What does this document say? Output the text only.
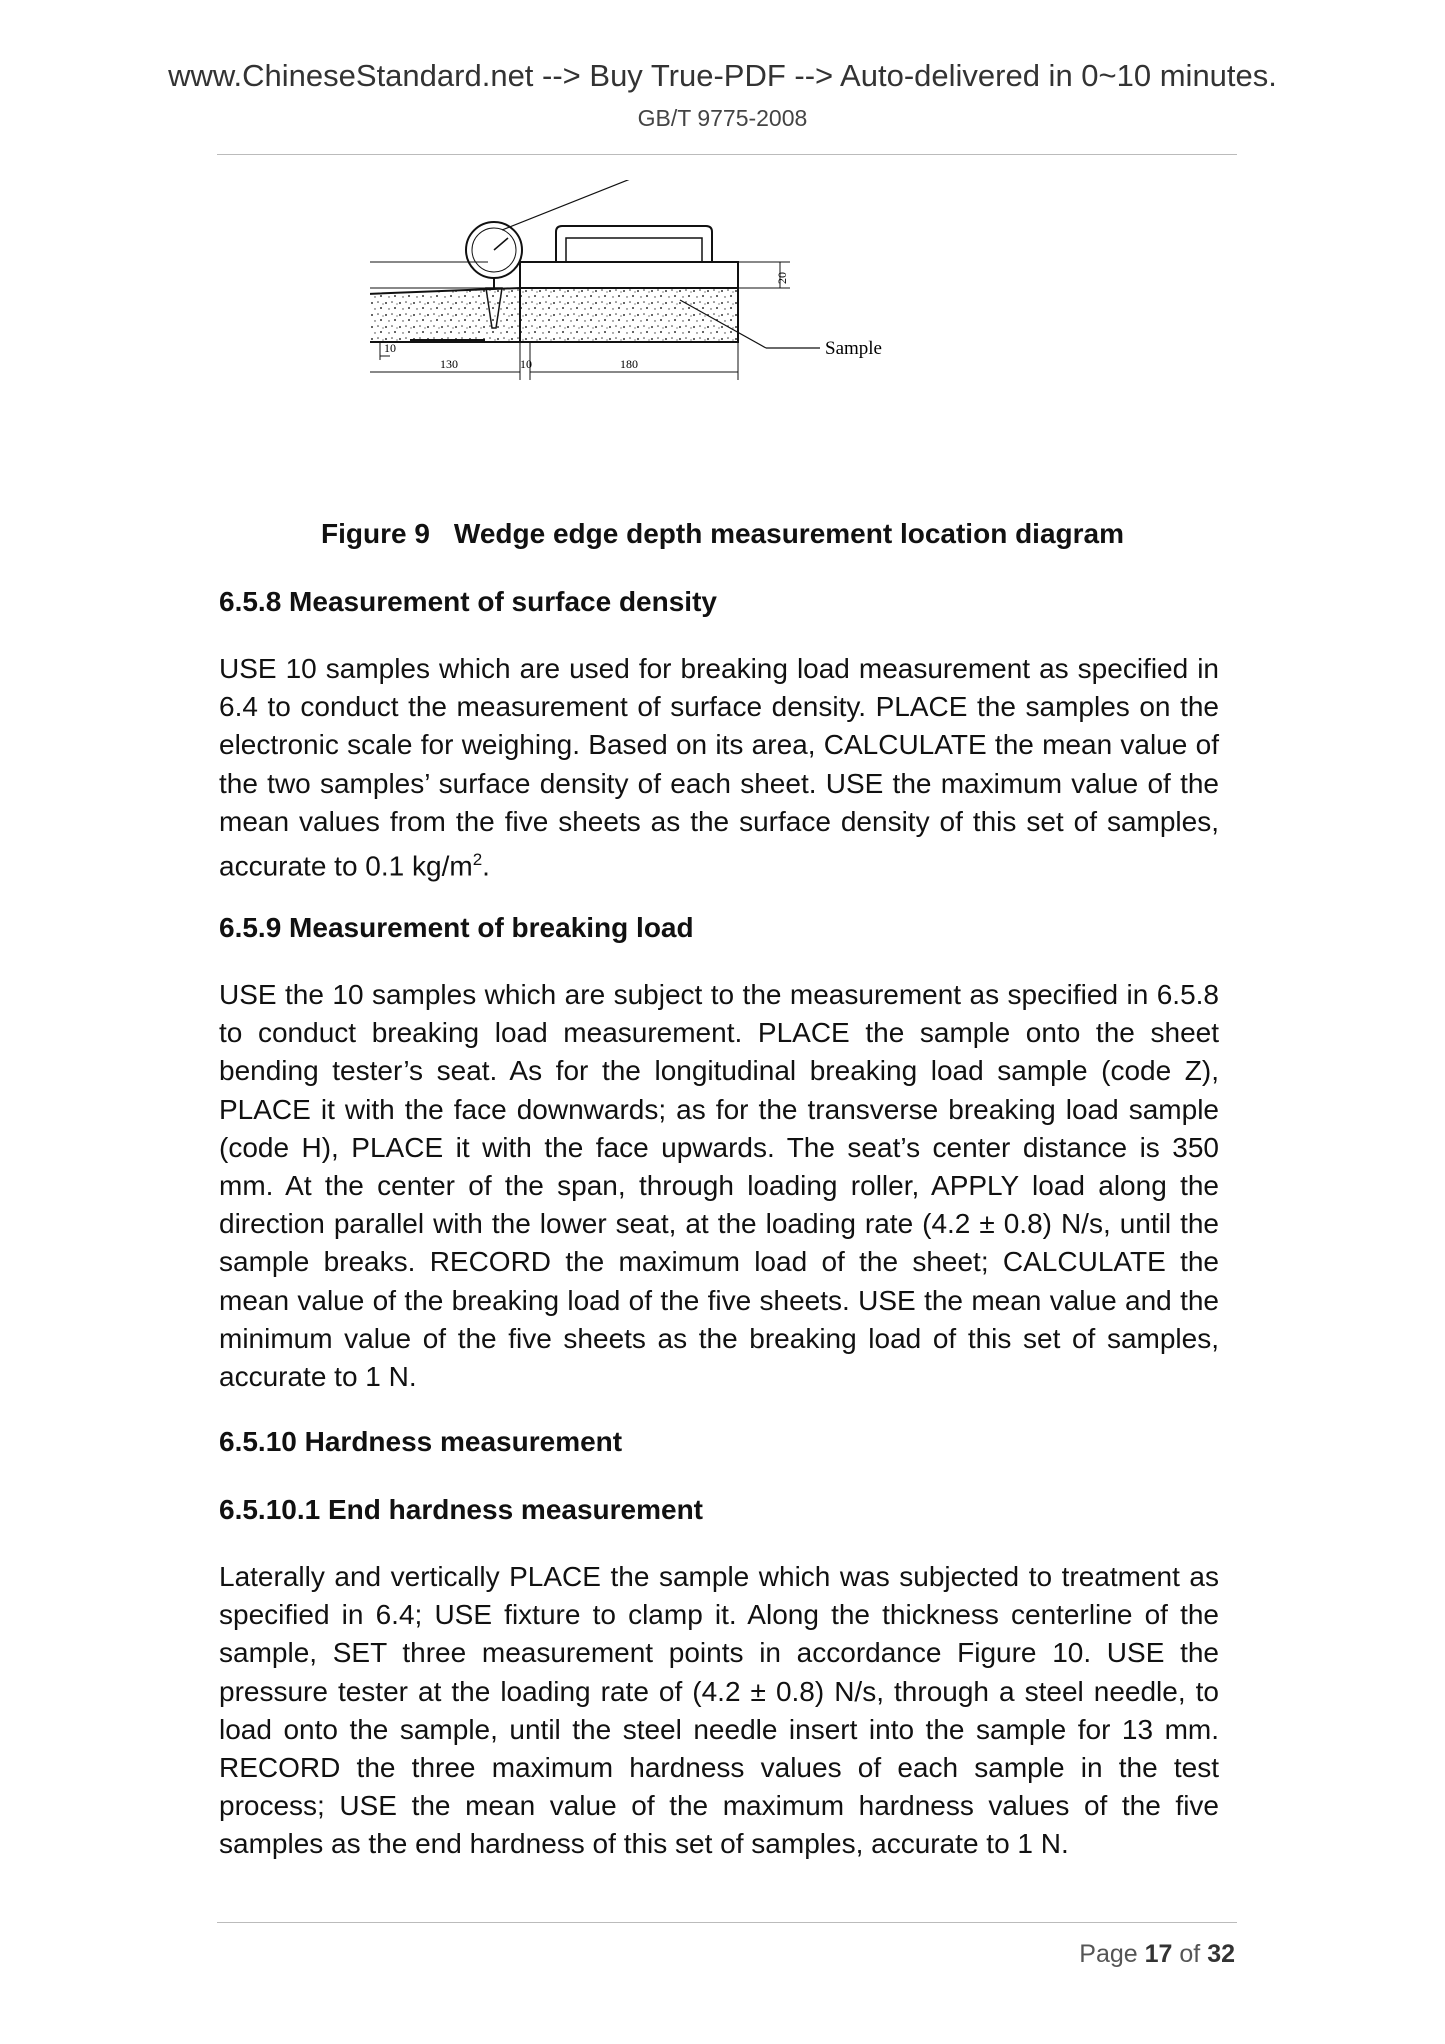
www.ChineseStandard.net --> Buy True-PDF --> Auto-delivered in 0~10 minutes.
GB/T 9775-2008
Sample
20
10
130	10	180
Figure 9 Wedge edge depth measurement location diagram
6.5.8 Measurement of surface density
USE 10 samples which are used for breaking load measurement as specified in 6.4 to conduct the measurement of surface density. PLACE the samples on the electronic scale for weighing. Based on its area, CALCULATE the mean value of the two samples’ surface density of each sheet. USE the maximum value of the mean values from the five sheets as the surface density of this set of samples, accurate to 0.1 $kg/m^2$.
6.5.9 Measurement of breaking load
USE the 10 samples which are subject to the measurement as specified in 6.5.8 to conduct breaking load measurement. PLACE the sample onto the sheet bending tester’s seat. As for the longitudinal breaking load sample (code Z), PLACE it with the face downwards; as for the transverse breaking load sample (code H), PLACE it with the face upwards. The seat’s center distance is 350 mm. At the center of the span, through loading roller, APPLY load along the direction parallel with the lower seat, at the loading rate (4.2 ± 0.8) N/s, until the sample breaks. RECORD the maximum load of the sheet; CALCULATE the mean value of the breaking load of the five sheets. USE the mean value and the minimum value of the five sheets as the breaking load of this set of samples, accurate to 1 N.
6.5.10 Hardness measurement
6.5.10.1 End hardness measurement
Laterally and vertically PLACE the sample which was subjected to treatment as specified in 6.4; USE fixture to clamp it. Along the thickness centerline of the sample, SET three measurement points in accordance Figure 10. USE the pressure tester at the loading rate of (4.2 ± 0.8) N/s, through a steel needle, to load onto the sample, until the steel needle insert into the sample for 13 mm. RECORD the three maximum hardness values of each sample in the test process; USE the mean value of the maximum hardness values of the five samples as the end hardness of this set of samples, accurate to 1 N.
Page 17 of 32
